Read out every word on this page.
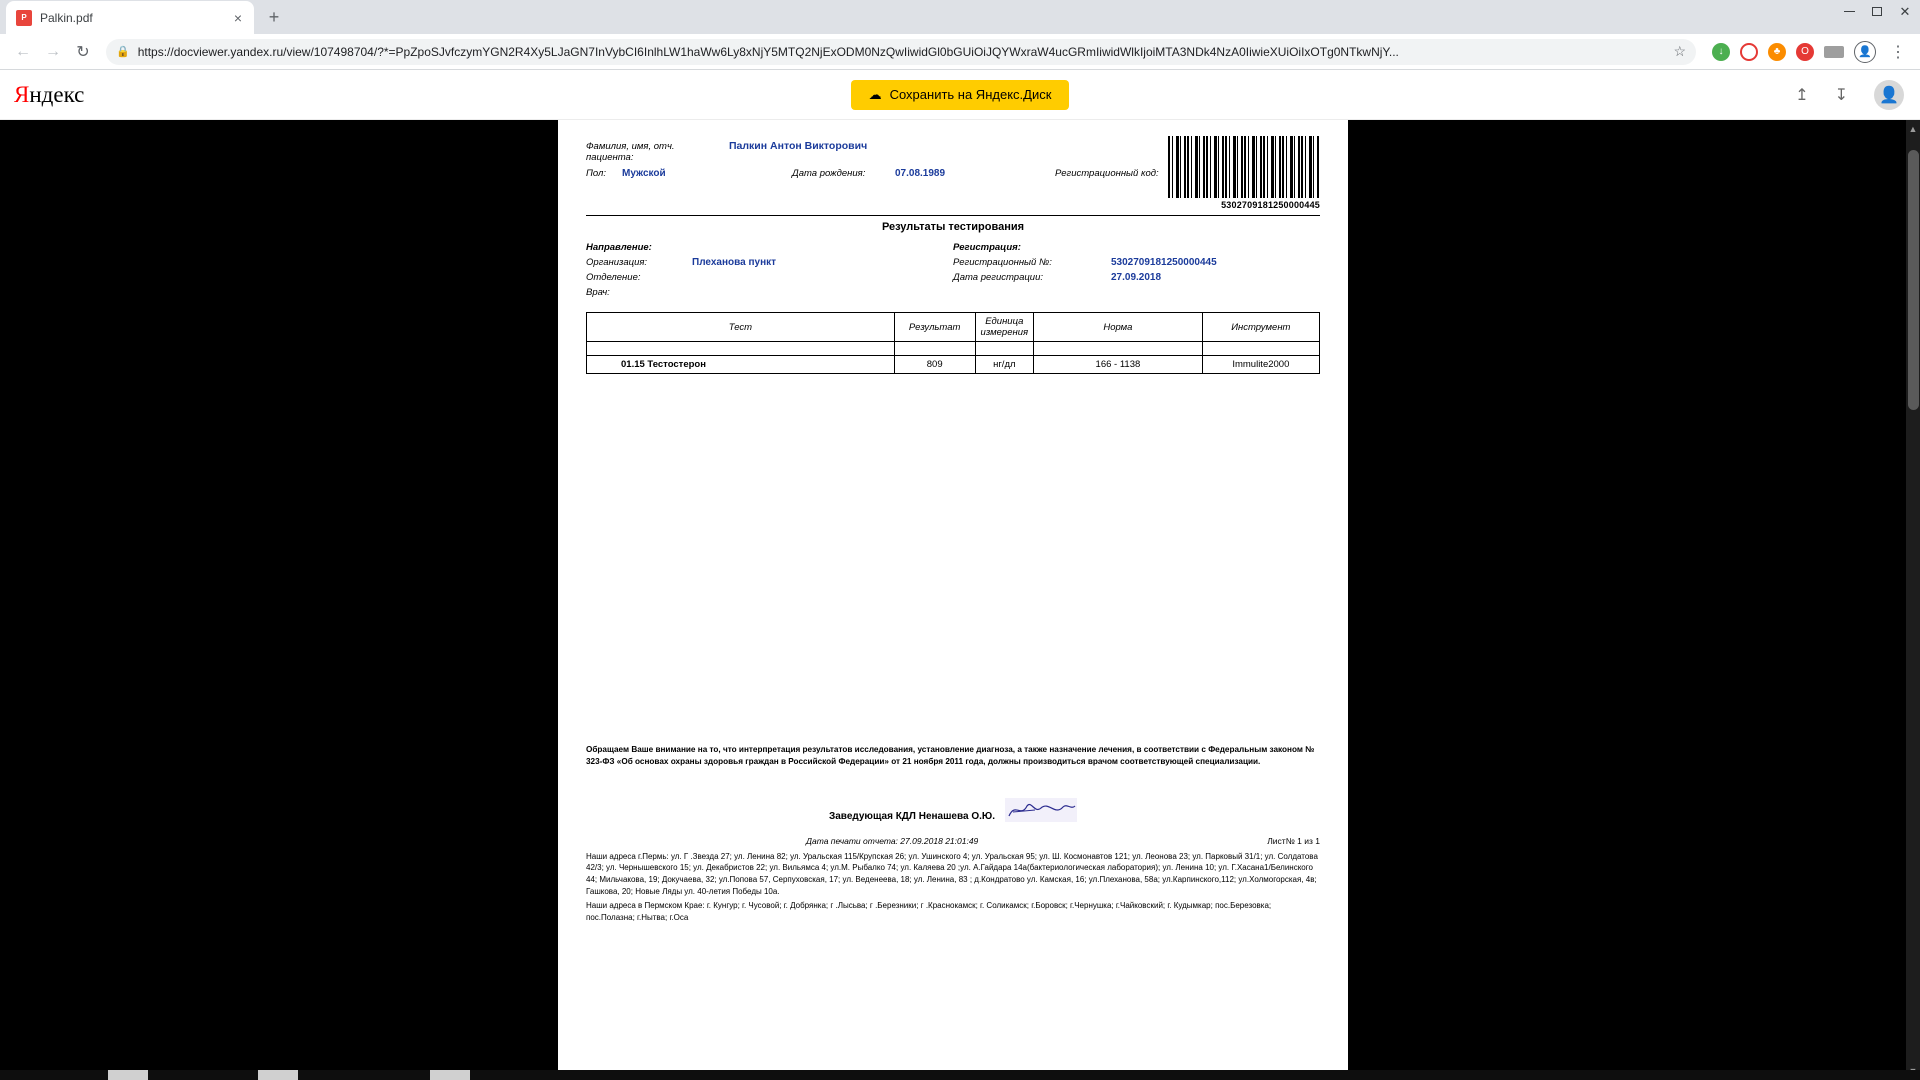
P	Palkin.pdf	×	+	✕
← → ↻	🔒 https://docviewer.yandex.ru/view/107498704/?*=PpZpoSJvfczymYGN2R4Xy5LJaGN7InVybCI6InlhLW1haWw6Ly8xNjY5MTQ2NjExODM0NzQwIiwidGl0bGUiOiJQYWxraW4ucGRmIiwidWlkIjoiMTA3NDk4NzA0IiwieXUiOiIxOTg0NTkwNjY...	☆	↓	♣	O	👤 ⋮
Яндекс	☁ Сохранить на Яндекс.Диск	↥ ↧	👤
Фамилия, имя, отч. пациента:
Палкин Антон Викторович
Пол:	Мужской	Дата рождения:	07.08.1989	Регистрационный код:
5302709181250000445
Результаты тестирования
Направление:
Организация:	Плеханова пункт
Отделение:
Врач:
Регистрация:
Регистрационный №:	5302709181250000445
Дата регистрации:	27.09.2018
Тест	Результат	Единица измерения	Норма	Инструмент

01.15 Тестостерон	809	нг/дл	166 - 1138	Immulite2000
Обращаем Ваше внимание на то, что интерпретация результатов исследования, установление диагноза, а также назначение лечения, в соответствии с Федеральным законом № 323-ФЗ «Об основах охраны здоровья граждан в Российской Федерации» от 21 ноября 2011 года, должны производиться врачом соответствующей специализации.
Заведующая КДЛ Ненашева О.Ю.
Дата печати отчета: 27.09.2018 21:01:49	Лист№ 1 из 1

Наши адреса г.Пермь: ул. Г .Звезда 27; ул. Ленина 82; ул. Уральская 115/Крупская 26; ул. Ушинского 4; ул. Уральская 95; ул. Ш. Космонавтов 121; ул. Леонова 23; ул. Парковый 31/1; ул. Солдатова 42/3; ул. Чернышевского 15; ул. Декабристов 22; ул. Вильямса 4; ул.М. Рыбалко 74; ул. Каляева 20 ;ул. А.Гайдара 14а(бактериологическая лаборатория); ул. Ленина 10; ул. Г.Хасана1/Белинского 44; Мильчакова, 19; Докучаева, 32; ул.Попова 57, Серпуховская, 17; ул. Веденеева, 18; ул. Ленина, 83 ; д.Кондратово ул. Камская, 16; ул.Плеханова, 58а; ул.Карпинского,112; ул.Холмогорская, 4в; Гашкова, 20; Новые Ляды ул. 40-летия Победы 10а.

Наши адреса в Пермском Крае: г. Кунгур; г. Чусовой; г. Добрянка; г .Лысьва; г .Березники; г .Краснокамск; г. Соликамск; г.Боровск; г.Чернушка; г.Чайковский; г. Кудымкар; пос.Березовка; пос.Полазна; г.Нытва; г.Оса

▲
